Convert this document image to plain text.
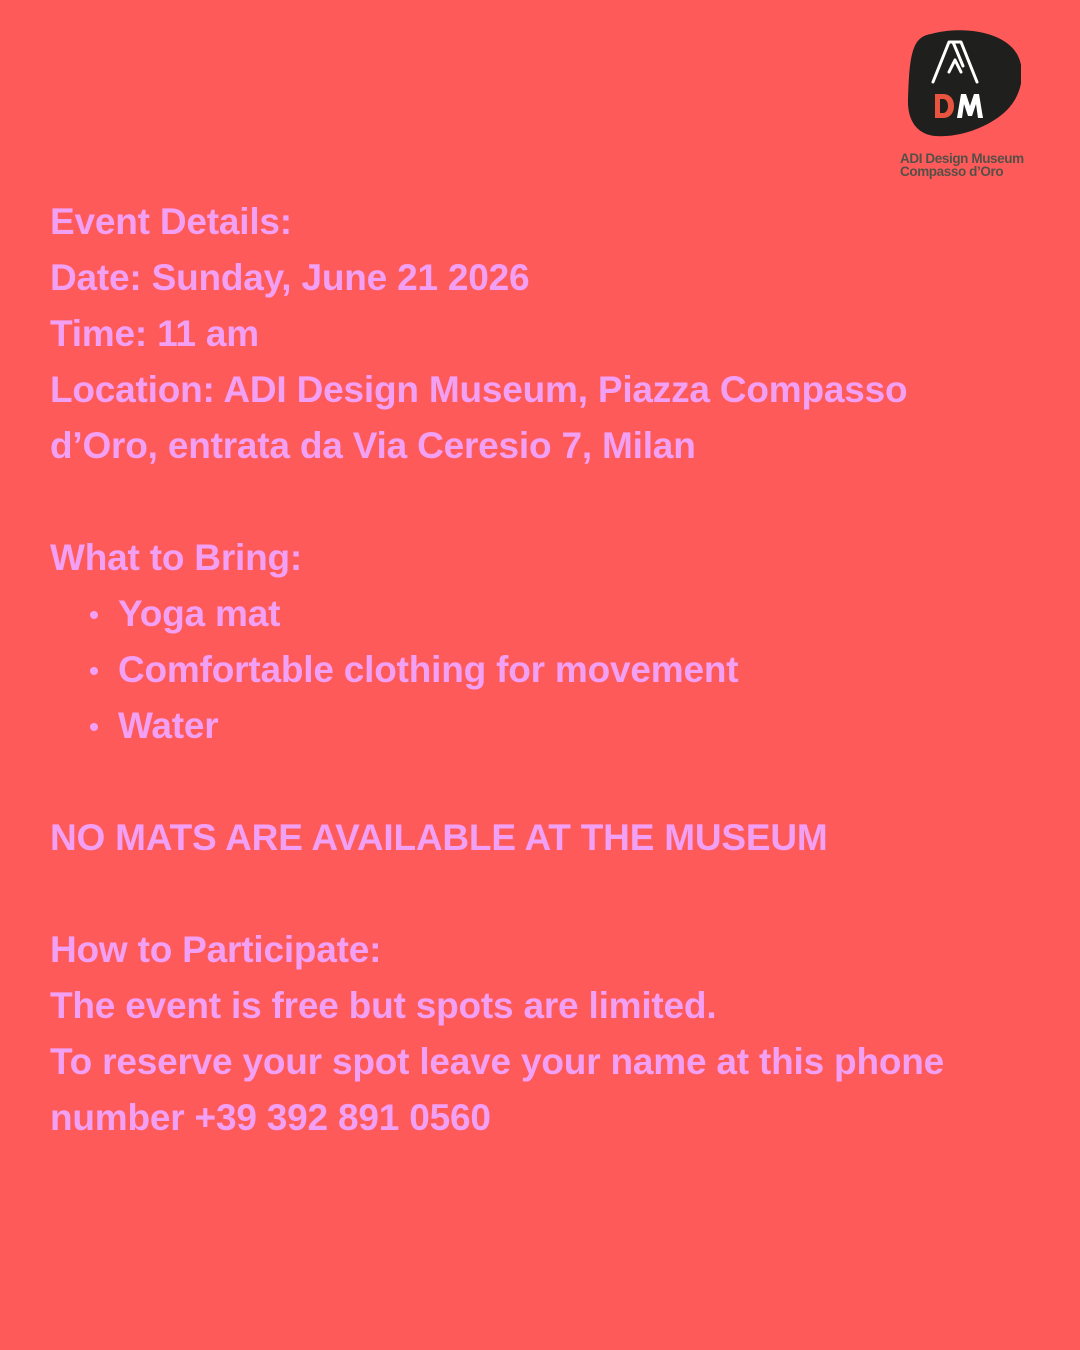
ADI Design Museum
Compasso d’Oro

Event Details:

Date: Sunday, June 21 2026

Time: 11 am

Location: ADI Design Museum, Piazza Compasso

d’Oro, entrata da Via Ceresio 7, Milan

What to Bring:

Yoga mat
Comfortable clothing for movement
Water

NO MATS ARE AVAILABLE AT THE MUSEUM

How to Participate:

The event is free but spots are limited.

To reserve your spot leave your name at this phone

number +39 392 891 0560
